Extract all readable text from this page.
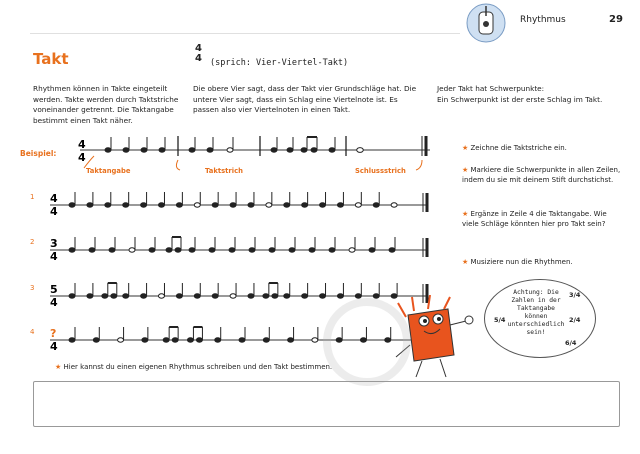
Rhythmus	29
Takt
4
4 (sprich: Vier-Viertel-Takt)
Rhythmen können in Takte eingeteilt werden. Takte werden durch Taktstriche voneinander getrennt. Die Taktangabe bestimmt einen Takt näher.
Die obere Vier sagt, dass der Takt vier Grundschläge hat. Die untere Vier sagt, dass ein Schlag eine Viertelnote ist. Es passen also vier Viertelnoten in einen Takt.
Jeder Takt hat Schwerpunkte:
Ein Schwerpunkt ist der erste Schlag im Takt.
Beispiel:
4
4
Taktangabe	Taktstrich	Schlussstrich
1 4
4
2 3
4
3 5
4
4 ?
4
★ Zeichne die Taktstriche ein.
★ Markiere die Schwerpunkte in allen Zeilen, indem du sie mit deinem Stift durchstichst.
★ Ergänze in Zeile 4 die Taktangabe. Wie viele Schläge könnten hier pro Takt sein?
★ Musiziere nun die Rhythmen.
Achtung: Die Zahlen in der Taktangabe können unterschiedlich sein!
3/4
5/4	2/4
6/4
★ Hier kannst du einen eigenen Rhythmus schreiben und den Takt bestimmen.
